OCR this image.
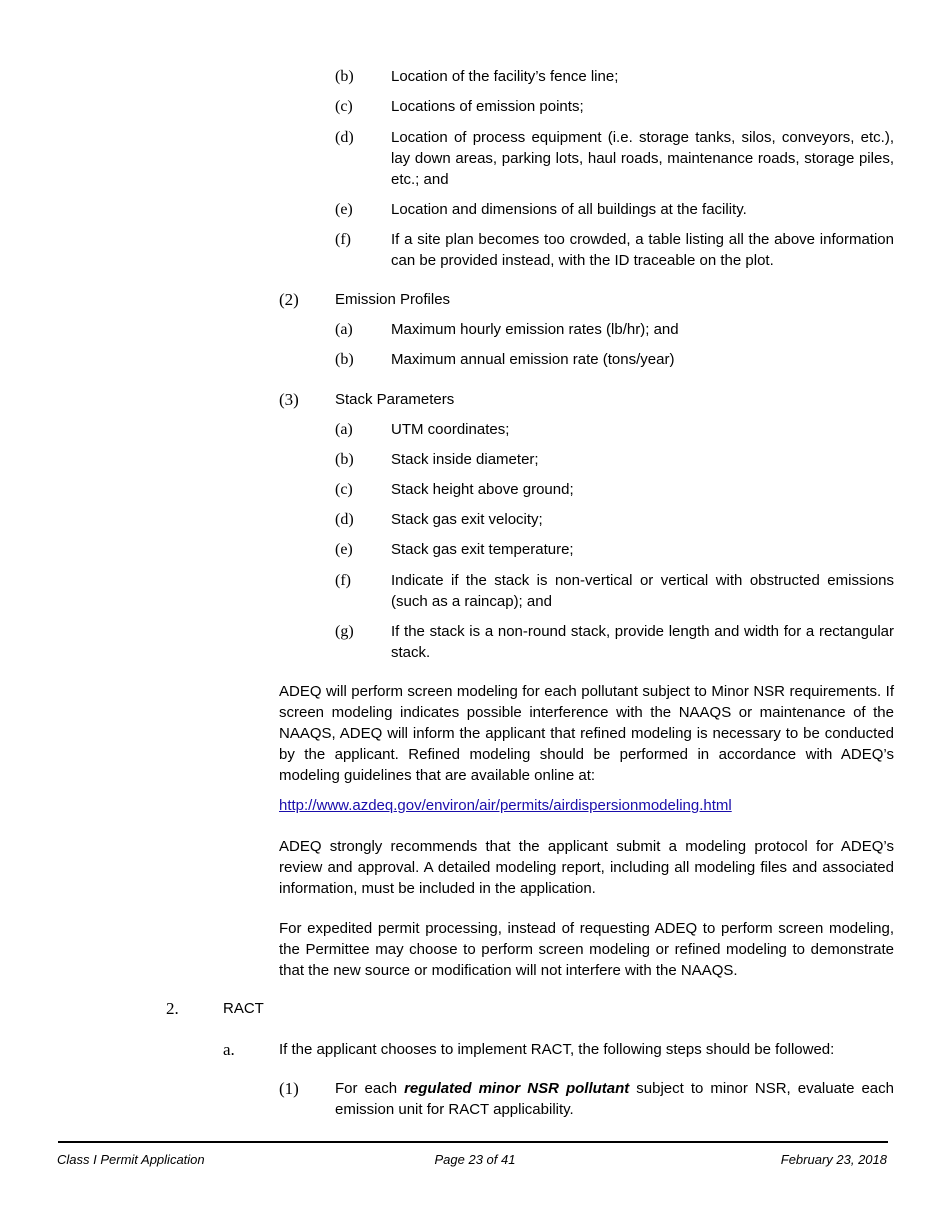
(b) Location of the facility’s fence line;
(c)	Locations of emission points;
(d) Location of process equipment (i.e. storage tanks, silos, conveyors, etc.), lay down areas, parking lots, haul roads, maintenance roads, storage piles, etc.; and
(e)	Location and dimensions of all buildings at the facility.
(f)	If a site plan becomes too crowded, a table listing all the above information can be provided instead, with the ID traceable on the plot.
(2) Emission Profiles
(a)	Maximum hourly emission rates (lb/hr); and
(b) Maximum annual emission rate (tons/year)
(3) Stack Parameters
(a)	UTM coordinates;
(b) Stack inside diameter;
(c)	Stack height above ground;
(d) Stack gas exit velocity;
(e)	Stack gas exit temperature;
(f)	Indicate if the stack is non-vertical or vertical with obstructed emissions (such as a raincap); and
(g) If the stack is a non-round stack, provide length and width for a rectangular stack.
ADEQ will perform screen modeling for each pollutant subject to Minor NSR requirements. If screen modeling indicates possible interference with the NAAQS or maintenance of the NAAQS, ADEQ will inform the applicant that refined modeling is necessary to be conducted by the applicant. Refined modeling should be performed in accordance with ADEQ’s modeling guidelines that are available online at:
http://www.azdeq.gov/environ/air/permits/airdispersionmodeling.html
ADEQ strongly recommends that the applicant submit a modeling protocol for ADEQ’s review and approval. A detailed modeling report, including all modeling files and associated information, must be included in the application.
For expedited permit processing, instead of requesting ADEQ to perform screen modeling, the Permittee may choose to perform screen modeling or refined modeling to demonstrate that the new source or modification will not interfere with the NAAQS.
2.	RACT
a.	If the applicant chooses to implement RACT, the following steps should be followed:
(1) For each regulated minor NSR pollutant subject to minor NSR, evaluate each emission unit for RACT applicability.
Class I Permit Application	Page 23 of 41	February 23, 2018
